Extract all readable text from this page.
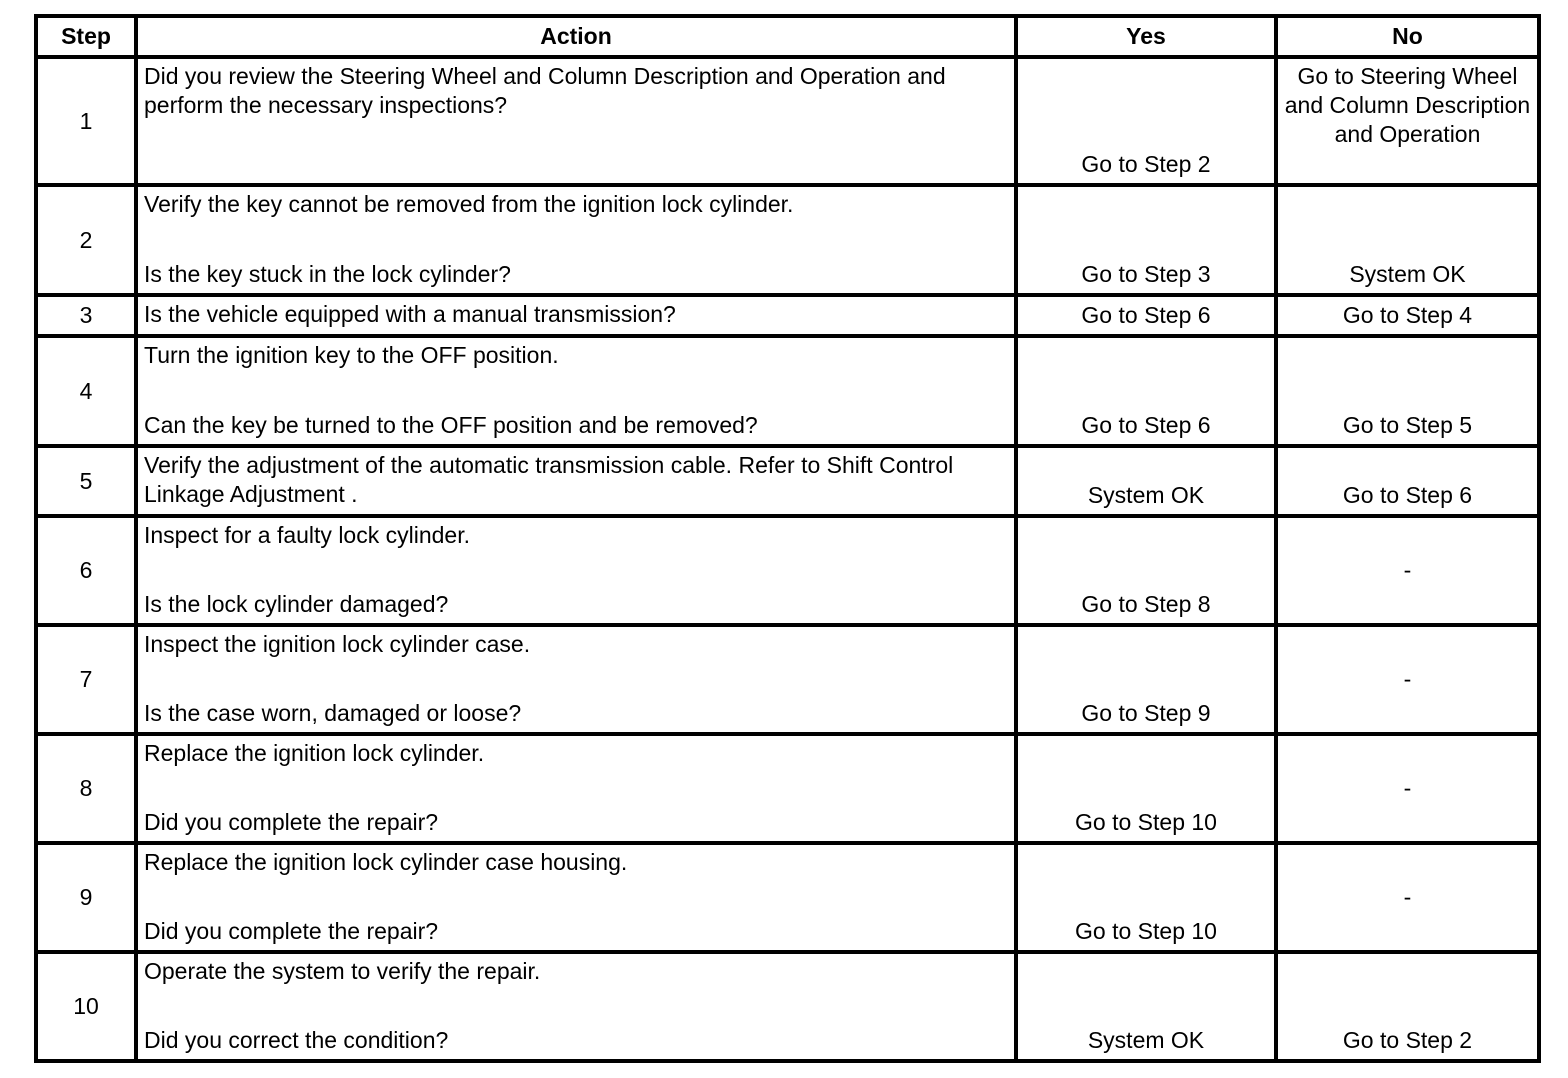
Step	Action	Yes	No
1	Did you review the Steering Wheel and Column Description and Operation and perform the necessary inspections?	Go to Step 2	Go to Steering Wheel and Column Description and Operation

2	Verify the key cannot be removed from the ignition lock cylinder.
Is the key stuck in the lock cylinder?	Go to Step 3	System OK

3	Is the vehicle equipped with a manual transmission?	Go to Step 6	Go to Step 4

4	Turn the ignition key to the OFF position.
Can the key be turned to the OFF position and be removed?	Go to Step 6	Go to Step 5

5	Verify the adjustment of the automatic transmission cable. Refer to Shift Control Linkage Adjustment .	System OK	Go to Step 6

6	Inspect for a faulty lock cylinder.
Is the lock cylinder damaged?	Go to Step 8	-

7	Inspect the ignition lock cylinder case.
Is the case worn, damaged or loose?	Go to Step 9	-

8	Replace the ignition lock cylinder.
Did you complete the repair?	Go to Step 10	-

9	Replace the ignition lock cylinder case housing.
Did you complete the repair?	Go to Step 10	-

10	Operate the system to verify the repair.
Did you correct the condition?	System OK	Go to Step 2
